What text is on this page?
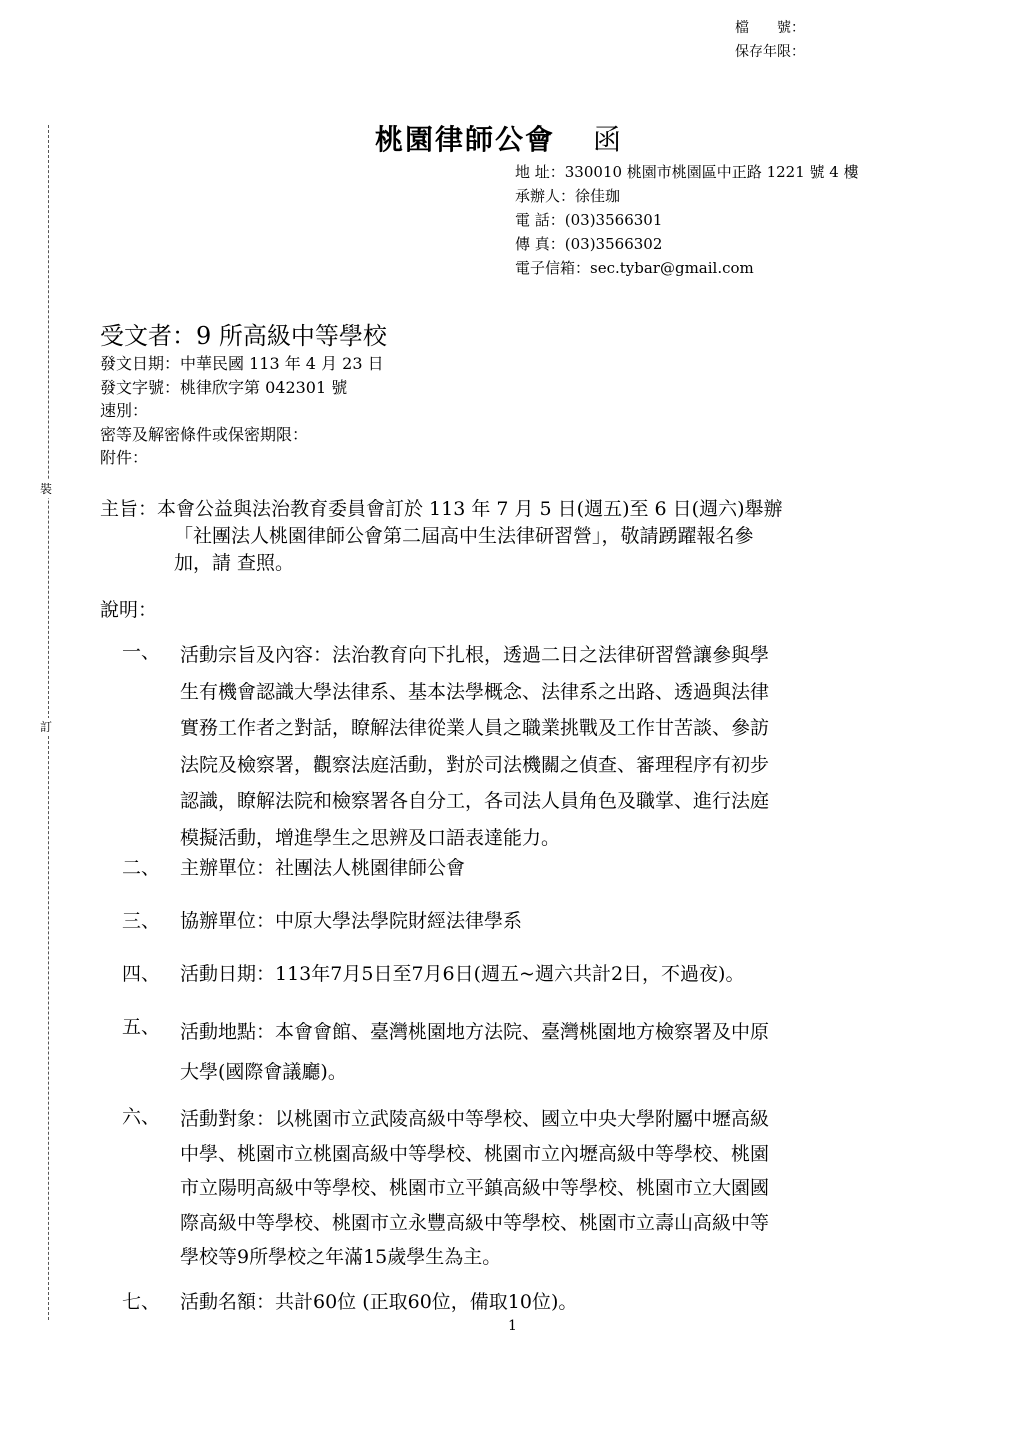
檔　　號：
保存年限：
裝
訂
桃園律師公會 函
地 址：330010 桃園市桃園區中正路 1221 號 4 樓
承辦人：徐佳珈
電 話：(03)3566301
傳 真：(03)3566302
電子信箱：sec.tybar@gmail.com
受文者：9 所高級中等學校
發文日期：中華民國 113 年 4 月 23 日
發文字號：桃律欣字第 042301 號
速別：
密等及解密條件或保密期限：
附件：
主旨：本會公益與法治教育委員會訂於 113 年 7 月 5 日(週五)至 6 日(週六)舉辦
「社團法人桃園律師公會第二屆高中生法律研習營」，敬請踴躍報名參
加，請 查照。
說明：
一、 活動宗旨及內容：法治教育向下扎根，透過二日之法律研習營讓參與學
生有機會認識大學法律系、基本法學概念、法律系之出路、透過與法律
實務工作者之對話，瞭解法律從業人員之職業挑戰及工作甘苦談、參訪
法院及檢察署，觀察法庭活動，對於司法機關之偵查、審理程序有初步
認識，瞭解法院和檢察署各自分工，各司法人員角色及職掌、進行法庭
模擬活動，增進學生之思辨及口語表達能力。
二、 主辦單位：社團法人桃園律師公會
三、 協辦單位：中原大學法學院財經法律學系
四、 活動日期：113年7月5日至7月6日(週五~週六共計2日，不過夜)。
五、 活動地點：本會會館、臺灣桃園地方法院、臺灣桃園地方檢察署及中原
大學(國際會議廳)。
六、 活動對象：以桃園市立武陵高級中等學校、國立中央大學附屬中壢高級
中學、桃園市立桃園高級中等學校、桃園市立內壢高級中等學校、桃園
市立陽明高級中等學校、桃園市立平鎮高級中等學校、桃園市立大園國
際高級中等學校、桃園市立永豐高級中等學校、桃園市立壽山高級中等
學校等9所學校之年滿15歲學生為主。
七、 活動名額：共計60位 (正取60位，備取10位)。
1
